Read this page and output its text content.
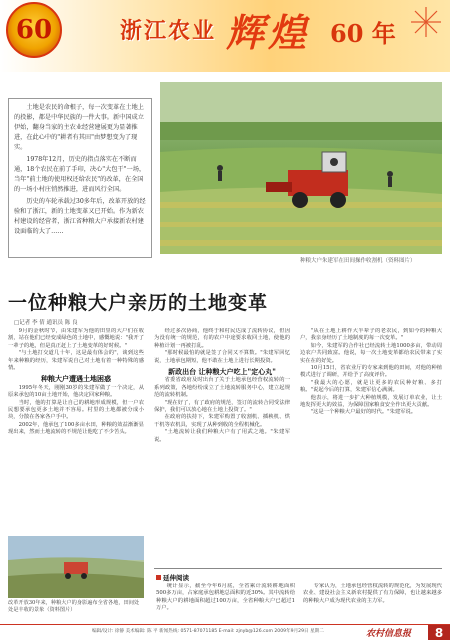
60	浙江农业 辉煌 60 年

土地是农民的命根子，每一次变革在土地上的投影，都是中华民族的一件大事。新中国成立伊始，翻身当家的主农业经营建展更为显著推进，在此心中的"耕者有其田"由梦想变为了现实。

1978年12月，历史的指点落实在不断而通，18个农民在前了手印，决心"大包干"一场，当年"前土地的使用权还给农民"的改革，在全国的一场小村庄悄然推进，进而风行全国。

历史的车轮承载过30多年后，改革开放的经验和了浙江，新的土地变革又已开始。作为新农村建设的经营者，浙江省种粮大户承接新农村建设面临的大了……

种粮大户朱建军在田间操作收割机（资料图片）
一位种粮大户亲历的土地变革
□记者 李 倩 通讯员 陈 良

9月的金秋时节，由朱建军为他的田里的大户们在收割，站在他们已经变成绿色的土地中，感慨地说："我开了一辈子的地，但是真正赶上了土地变革的好时候。"

"与土地打交道几十年，这是最有体会的"，谈到这些年来种粮的经历，朱建军说自己对土地有着一种特殊的感情。

种粮大户遭遇土地困惑

1995年冬天，刚刚30岁的朱建军做了一个决定，从原来承包的10亩土地开始，他决定回家种粮。

当时，他的打算是让自己的耕地形成规模，但一户农民想要承包更多土地并不容易。村里的土地都被分成小块，分散在各家各户手中。

2002年，他承包了100多亩水田，种粮的效益渐渐显现出来，然而土地流转的不规范让他吃了不少苦头。

经过多次协商，他终于和村民达成了流转协议，但因为没有统一的规范，有的农户中途要求收回土地，使他的种植计划一再被打乱。

"那时候最怕的就是签了合同又不算数。"朱建军回忆说，土地承包期短，他不敢在土地上进行长期投资。

新政出台 让种粮大户吃上"定心丸"

省委省政府及时出台了关于土地承包经营权流转的一系列政策，各地纷纷成立了土地流转服务中心，建立起规范的流转机制。

"现在好了，有了政府的规范，签订的流转合同受法律保护，我们可以放心地在土地上投资了。"

在政府的扶持下，朱建军购置了收割机、插秧机、烘干机等农机具，实现了从种到收的全程机械化。

"土地流转让我们种粮大户有了用武之地。"朱建军说。

"从在土地上耕作大半辈子的老农民，到如今的种粮大户，我亲身经历了土地制度的每一次变革。"

如今，朱建军的合作社已经流转土地1000多亩，带动周边农户共同致富。他说，每一次土地变革都给农民带来了实实在在的好处。

10月15日，省农业厅的专家来到他的田间，对他的种植模式进行了调研，并给予了高度评价。

"我最大的心愿，就是让更多的农民种好粮、多打粮。"说起今后的打算，朱建军信心满满。

他表示，将进一步扩大种植规模，发展订单农业，让土地发挥更大的效益，为保障国家粮食安全作出更大贡献。

"这是一个种粮大户最好的时代。"朱建军说。

改革开放30年来，种粮大户的身影遍布全省各地，田间处处是丰收的景象（资料图片）
延伸阅读

统计显示，截至今年6月底，全省累计流转耕地面积500多万亩，占家庭承包耕地总面积的近30%。其中流转给种粮大户的耕地面积超过100万亩，全省种粮大户已超过1万户。

专家认为，土地承包经营权流转的规范化，为发展现代农业、建设社会主义新农村提供了有力保障，也让越来越多的种粮大户成为现代农业的主力军。

编辑/设计: 徐静 美术编辑: 陈 平 新闻热线: 0571-87071185 E-mail: zjnyb@126.com 2009年9月29日 星期二	农村信息报	8
